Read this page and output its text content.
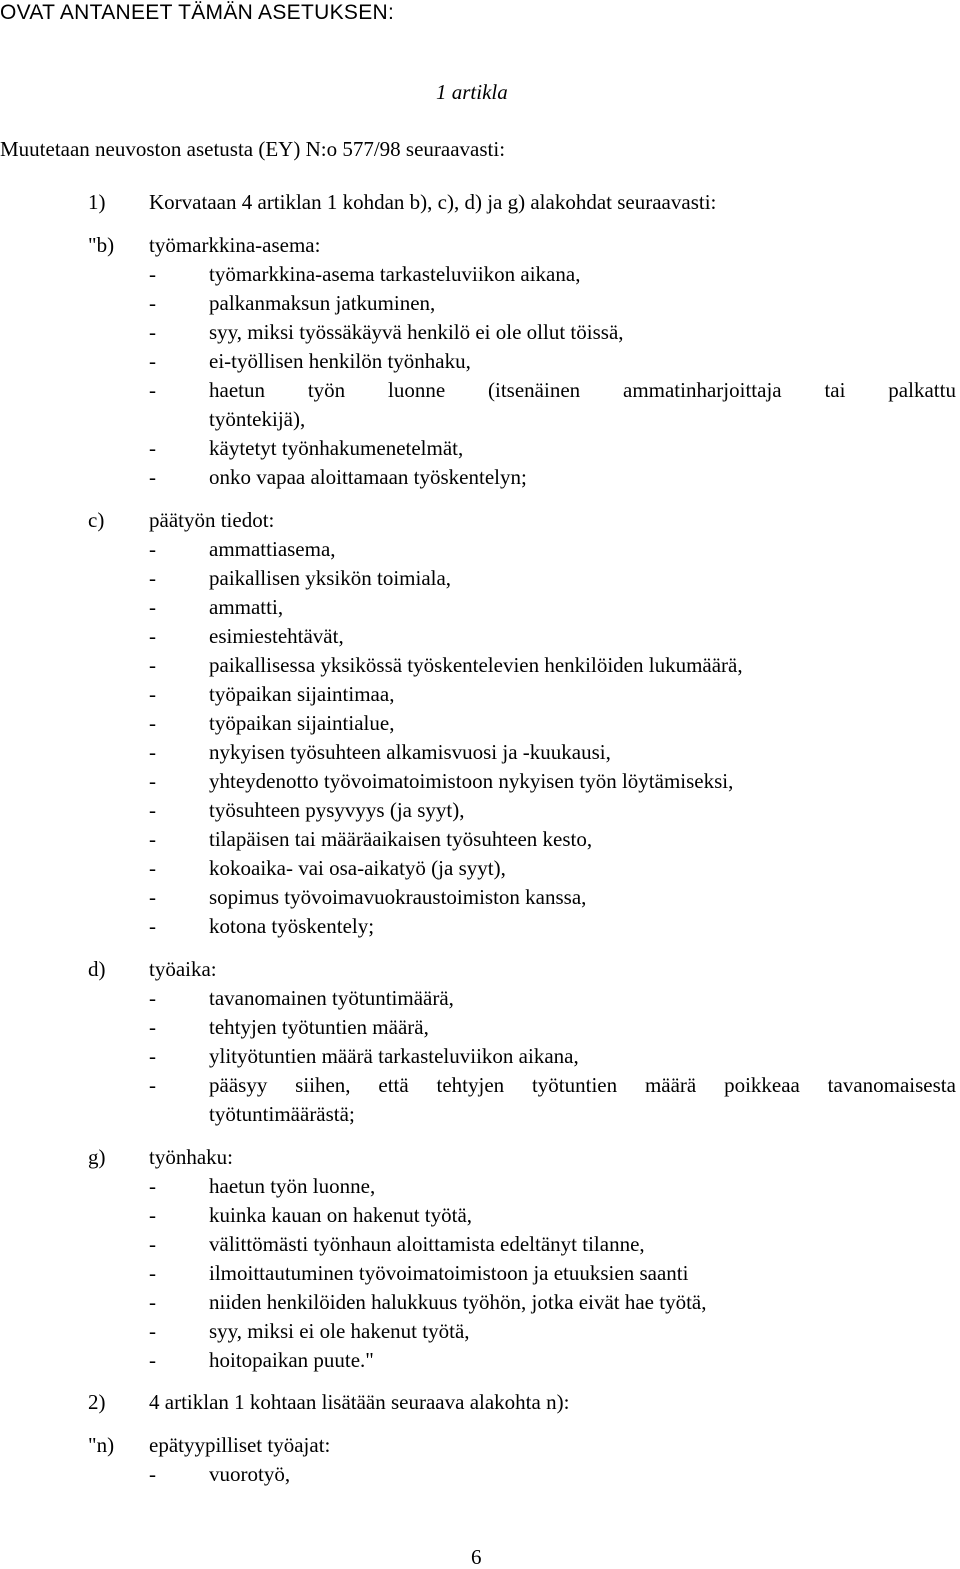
OVAT ANTANEET TÄMÄN ASETUKSEN:
1 artikla
Muutetaan neuvoston asetusta (EY) N:o 577/98 seuraavasti:
1) Korvataan 4 artiklan 1 kohdan b), c), d) ja g) alakohdat seuraavasti:
"b) työmarkkina-asema:
-	työmarkkina-asema tarkasteluviikon aikana,
-	palkanmaksun jatkuminen,
-	syy, miksi työssäkäyvä henkilö ei ole ollut töissä,
-	ei-työllisen henkilön työnhaku,
-	haetun työn luonne (itsenäinen ammatinharjoittaja tai palkattu
työntekijä),
-	käytetyt työnhakumenetelmät,
-	onko vapaa aloittamaan työskentelyn;
c) päätyön tiedot:
-	ammattiasema,
-	paikallisen yksikön toimiala,
-	ammatti,
-	esimiestehtävät,
-	paikallisessa yksikössä työskentelevien henkilöiden lukumäärä,
-	työpaikan sijaintimaa,
-	työpaikan sijaintialue,
-	nykyisen työsuhteen alkamisvuosi ja -kuukausi,
-	yhteydenotto työvoimatoimistoon nykyisen työn löytämiseksi,
-	työsuhteen pysyvyys (ja syyt),
-	tilapäisen tai määräaikaisen työsuhteen kesto,
-	kokoaika- vai osa-aikatyö (ja syyt),
-	sopimus työvoimavuokraustoimiston kanssa,
-	kotona työskentely;
d) työaika:
-	tavanomainen työtuntimäärä,
-	tehtyjen työtuntien määrä,
-	ylityötuntien määrä tarkasteluviikon aikana,
-	pääsyy siihen, että tehtyjen työtuntien määrä poikkeaa tavanomaisesta
työtuntimäärästä;
g) työnhaku:
-	haetun työn luonne,
-	kuinka kauan on hakenut työtä,
-	välittömästi työnhaun aloittamista edeltänyt tilanne,
-	ilmoittautuminen työvoimatoimistoon ja etuuksien saanti
-	niiden henkilöiden halukkuus työhön, jotka eivät hae työtä,
-	syy, miksi ei ole hakenut työtä,
-	hoitopaikan puute."
2) 4 artiklan 1 kohtaan lisätään seuraava alakohta n):
"n) epätyypilliset työajat:
-	vuorotyö,
6
